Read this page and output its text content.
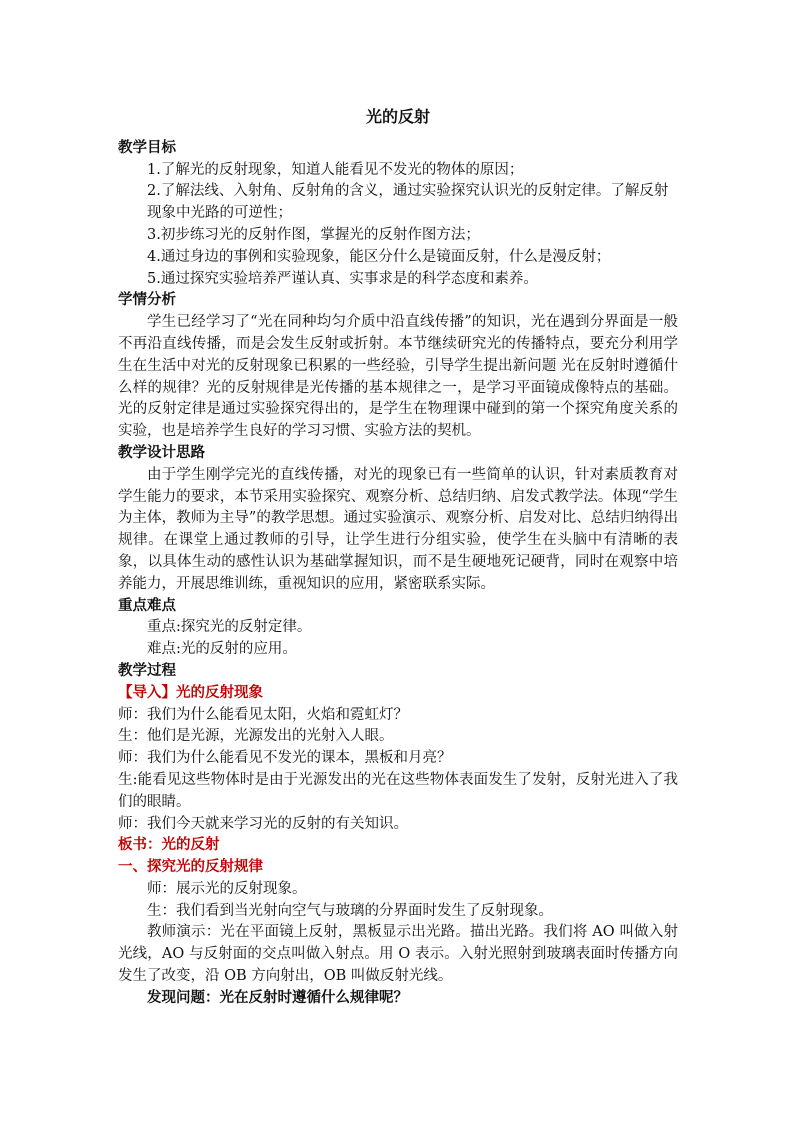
光的反射
教学目标

1.了解光的反射现象，知道人能看见不发光的物体的原因；

2.了解法线、入射角、反射角的含义，通过实验探究认识光的反射定律。了解反射现象中光路的可逆性；

3.初步练习光的反射作图，掌握光的反射作图方法；

4.通过身边的事例和实验现象，能区分什么是镜面反射，什么是漫反射；

5.通过探究实验培养严谨认真、实事求是的科学态度和素养。

学情分析

学生已经学习了“光在同种均匀介质中沿直线传播”的知识，光在遇到分界面是一般不再沿直线传播，而是会发生反射或折射。本节继续研究光的传播特点，要充分利用学生在生活中对光的反射现象已积累的一些经验，引导学生提出新问题 光在反射时遵循什么样的规律？光的反射规律是光传播的基本规律之一，是学习平面镜成像特点的基础。光的反射定律是通过实验探究得出的，是学生在物理课中碰到的第一个探究角度关系的实验，也是培养学生良好的学习习惯、实验方法的契机。

教学设计思路

由于学生刚学完光的直线传播，对光的现象已有一些简单的认识，针对素质教育对学生能力的要求，本节采用实验探究、观察分析、总结归纳、启发式教学法。体现“学生为主体，教师为主导”的教学思想。通过实验演示、观察分析、启发对比、总结归纳得出规律。在课堂上通过教师的引导，让学生进行分组实验，使学生在头脑中有清晰的表象，以具体生动的感性认识为基础掌握知识，而不是生硬地死记硬背，同时在观察中培养能力，开展思维训练，重视知识的应用，紧密联系实际。

重点难点

重点:探究光的反射定律。

难点:光的反射的应用。

教学过程
【导入】光的反射现象

师：我们为什么能看见太阳，火焰和霓虹灯？

生：他们是光源，光源发出的光射入人眼。

师：我们为什么能看见不发光的课本，黑板和月亮？

生:能看见这些物体时是由于光源发出的光在这些物体表面发生了发射，反射光进入了我们的眼睛。

师：我们今天就来学习光的反射的有关知识。

板书：光的反射
一、探究光的反射规律

师：展示光的反射现象。

生：我们看到当光射向空气与玻璃的分界面时发生了反射现象。

教师演示：光在平面镜上反射，黑板显示出光路。描出光路。我们将 AO 叫做入射光线，AO 与反射面的交点叫做入射点。用 O 表示。入射光照射到玻璃表面时传播方向发生了改变，沿 OB 方向射出，OB 叫做反射光线。

发现问题：光在反射时遵循什么规律呢？
